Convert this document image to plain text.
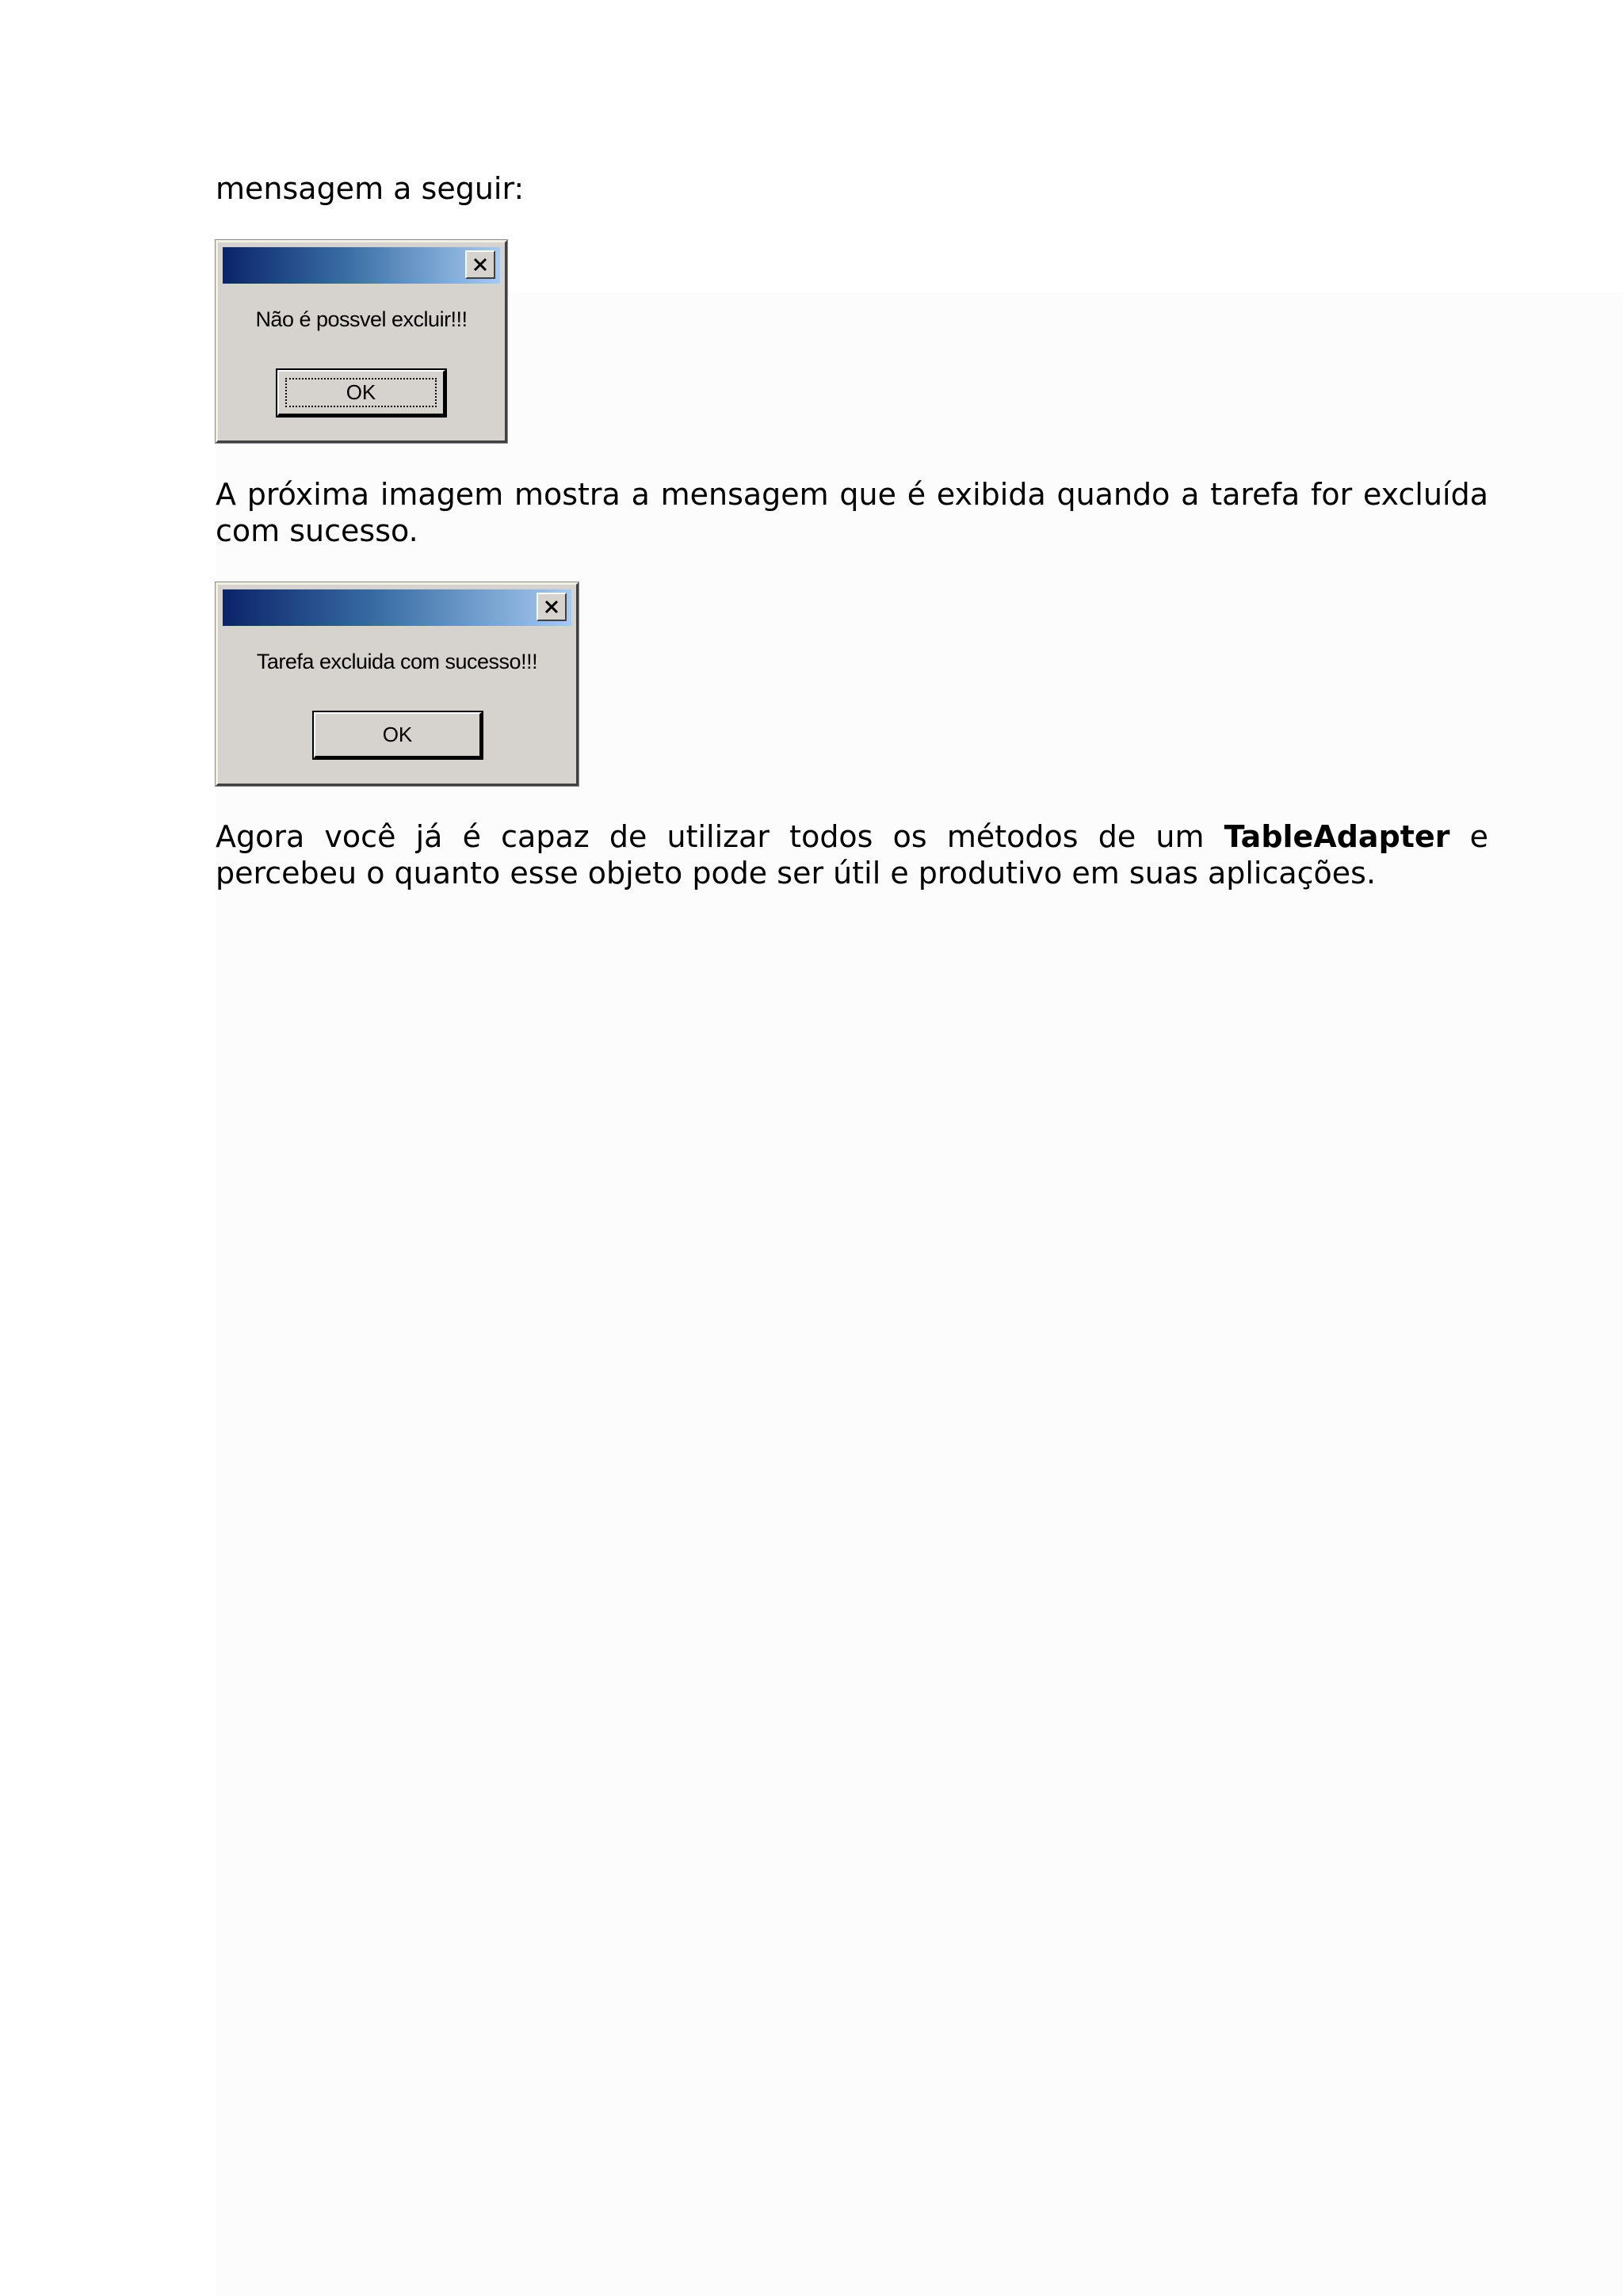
mensagem a seguir:

Não é possvel excluir!!!
OK

A próxima imagem mostra a mensagem que é exibida quando a tarefa for excluída com sucesso.

Tarefa excluida com sucesso!!!
OK

Agora você já é capaz de utilizar todos os métodos de um TableAdapter e percebeu o quanto esse objeto pode ser útil e produtivo em suas aplicações.
